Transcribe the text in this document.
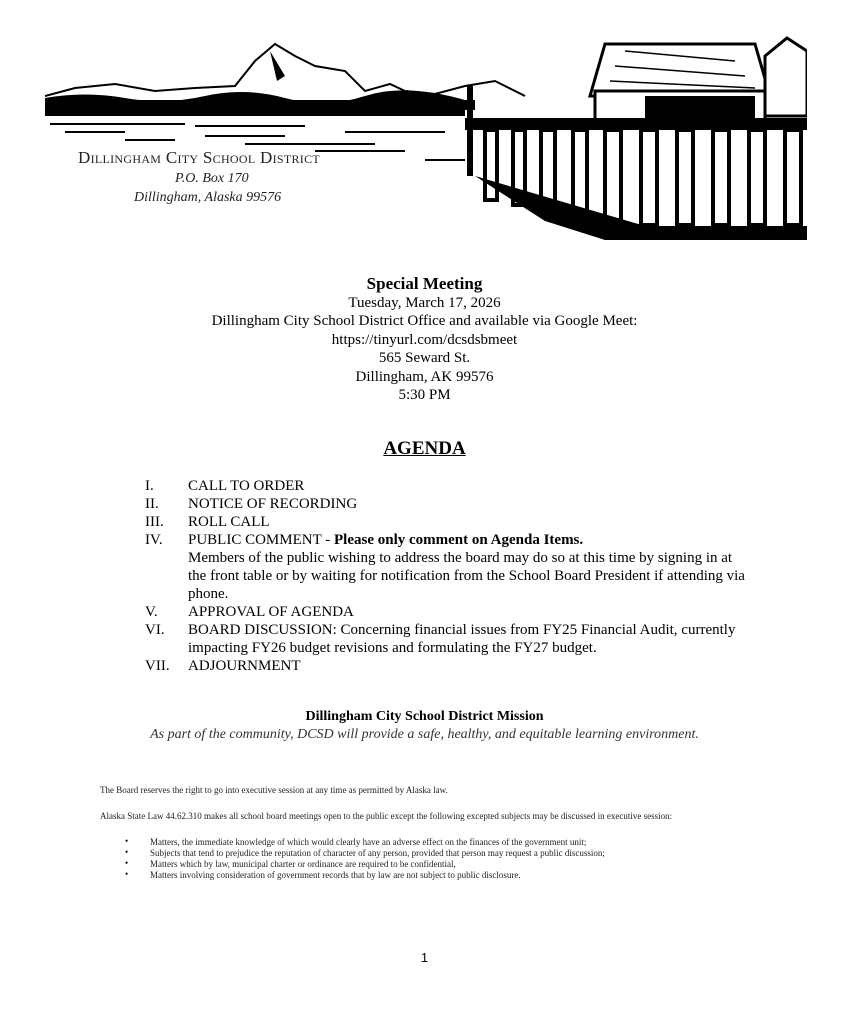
Dillingham City School District
P.O. Box 170
Dillingham, Alaska 99576
Special Meeting
Tuesday, March 17, 2026
Dillingham City School District Office and available via Google Meet:
https://tinyurl.com/dcsdsbmeet
565 Seward St.
Dillingham, AK 99576
5:30 PM
AGENDA
I. CALL TO ORDER
II. NOTICE OF RECORDING
III. ROLL CALL
IV. PUBLIC COMMENT - Please only comment on Agenda Items.
Members of the public wishing to address the board may do so at this time by signing in at the front table or by waiting for notification from the School Board President if attending via phone.
V. APPROVAL OF AGENDA
VI. BOARD DISCUSSION: Concerning financial issues from FY25 Financial Audit, currently impacting FY26 budget revisions and formulating the FY27 budget.
VII. ADJOURNMENT
Dillingham City School District Mission
As part of the community, DCSD will provide a safe, healthy, and equitable learning environment.
The Board reserves the right to go into executive session at any time as permitted by Alaska law.
Alaska State Law 44.62.310 makes all school board meetings open to the public except the following excepted subjects may be discussed in executive session:
• Matters, the immediate knowledge of which would clearly have an adverse effect on the finances of the government unit;
• Subjects that tend to prejudice the reputation of character of any person, provided that person may request a public discussion;
• Matters which by law, municipal charter or ordinance are required to be confidential,
• Matters involving consideration of government records that by law are not subject to public disclosure.
1
